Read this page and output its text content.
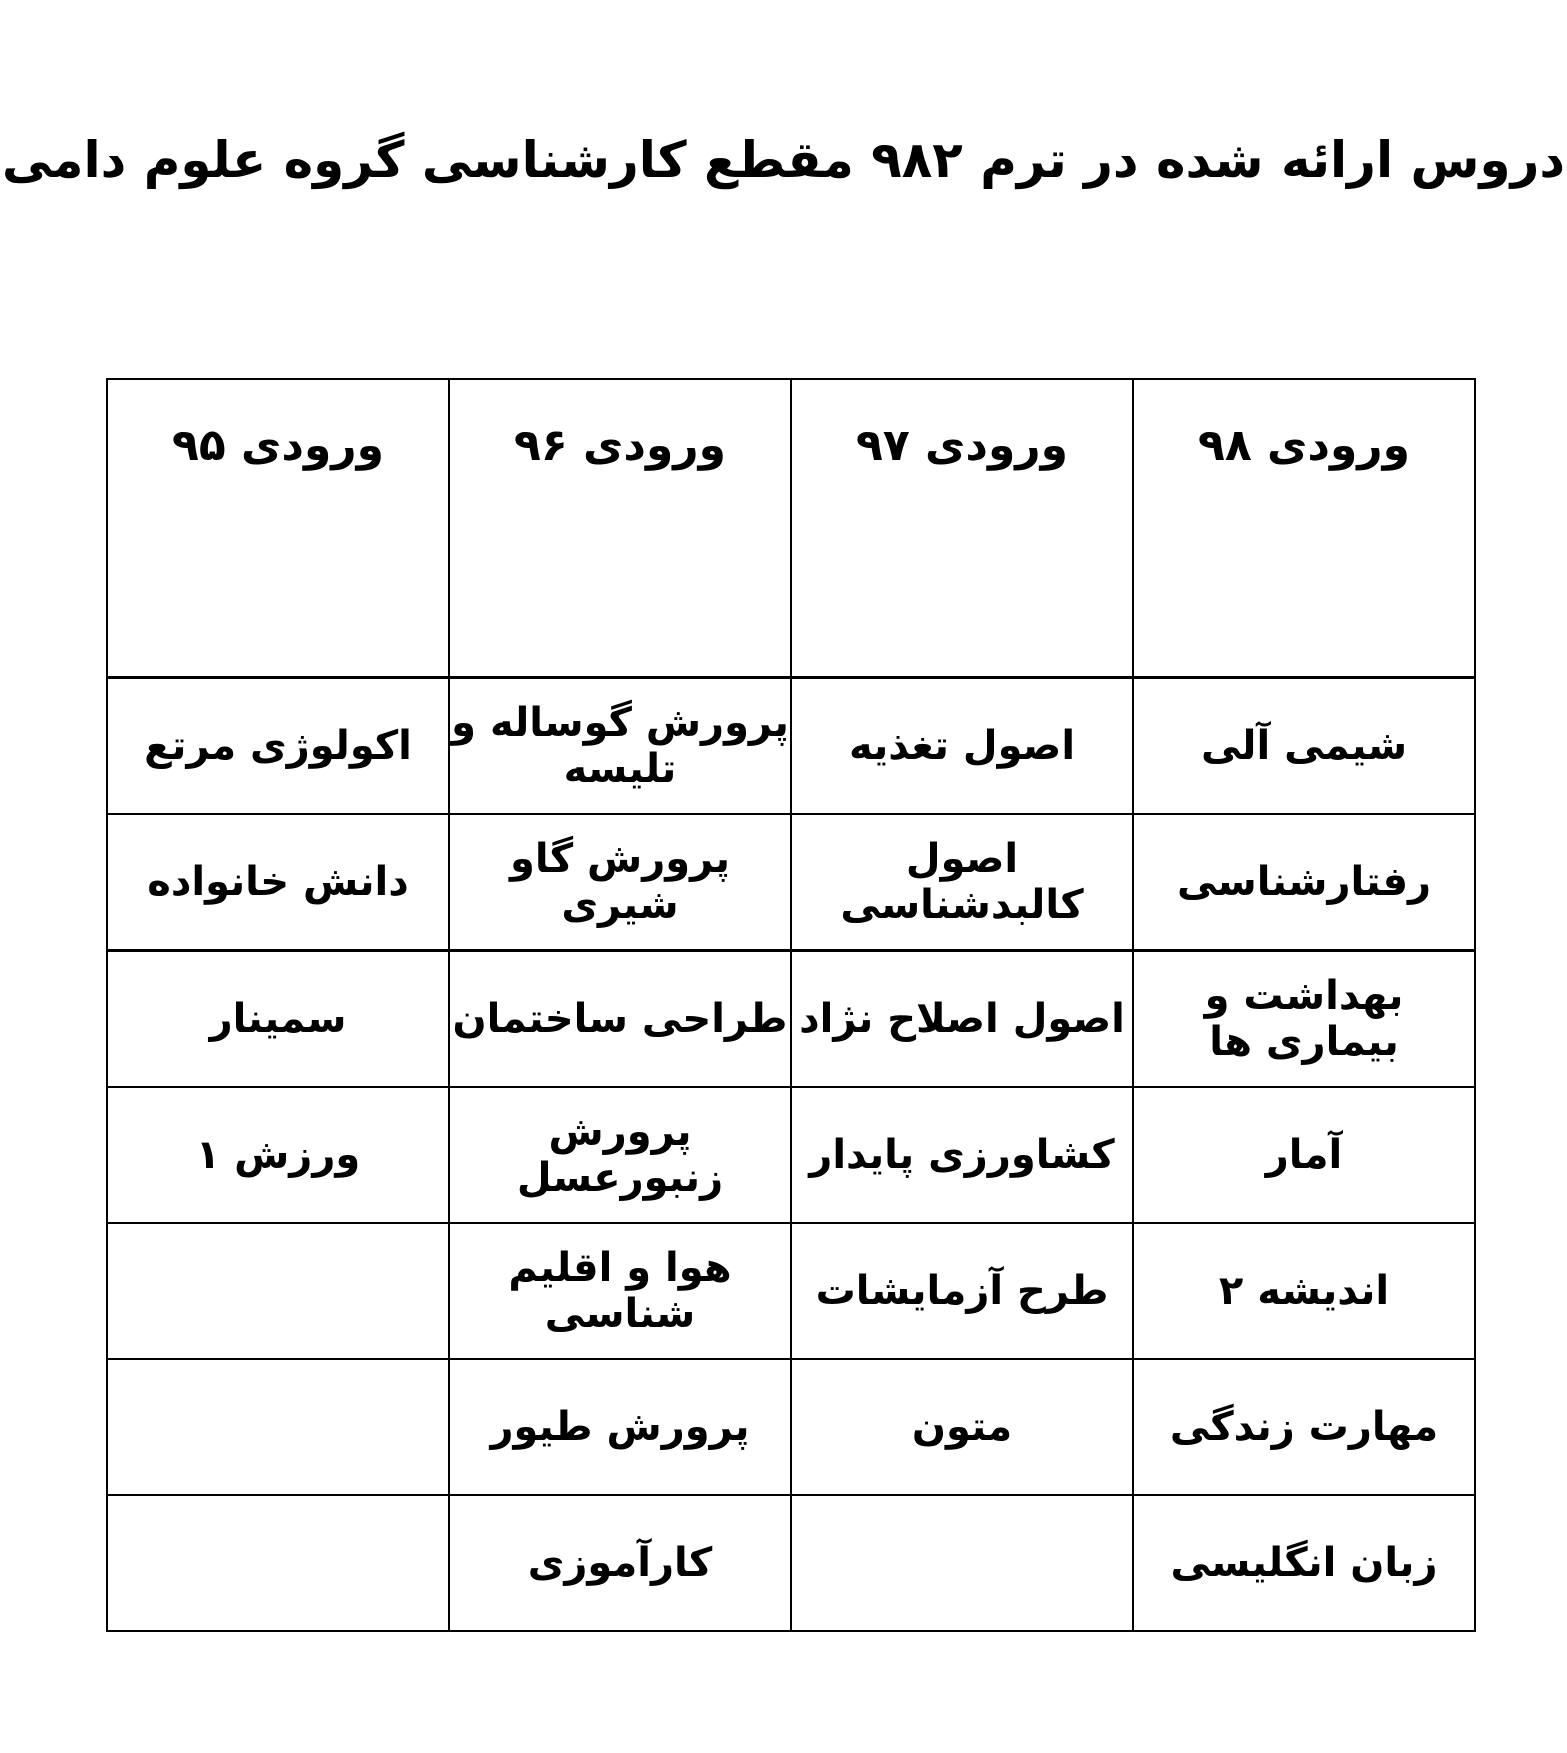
دروس ارائه شده در ترم ۹۸۲ مقطع کارشناسی گروه علوم دامی
ورودی ۹۸	ورودی ۹۷	ورودی ۹۶	ورودی ۹۵

شیمی آلی	اصول تغذیه	پرورش گوساله و تلیسه	اکولوژی مرتع
رفتارشناسی	اصول کالبدشناسی	پرورش گاو شیری	دانش خانواده
بهداشت و بیماری ها	اصول اصلاح نژاد	طراحی ساختمان	سمینار
آمار	کشاورزی پایدار	پرورش زنبورعسل	ورزش ۱
اندیشه ۲	طرح آزمایشات	هوا و اقلیم شناسی	
مهارت زندگی	متون	پرورش طیور	
زبان انگلیسی		کارآموزی	
